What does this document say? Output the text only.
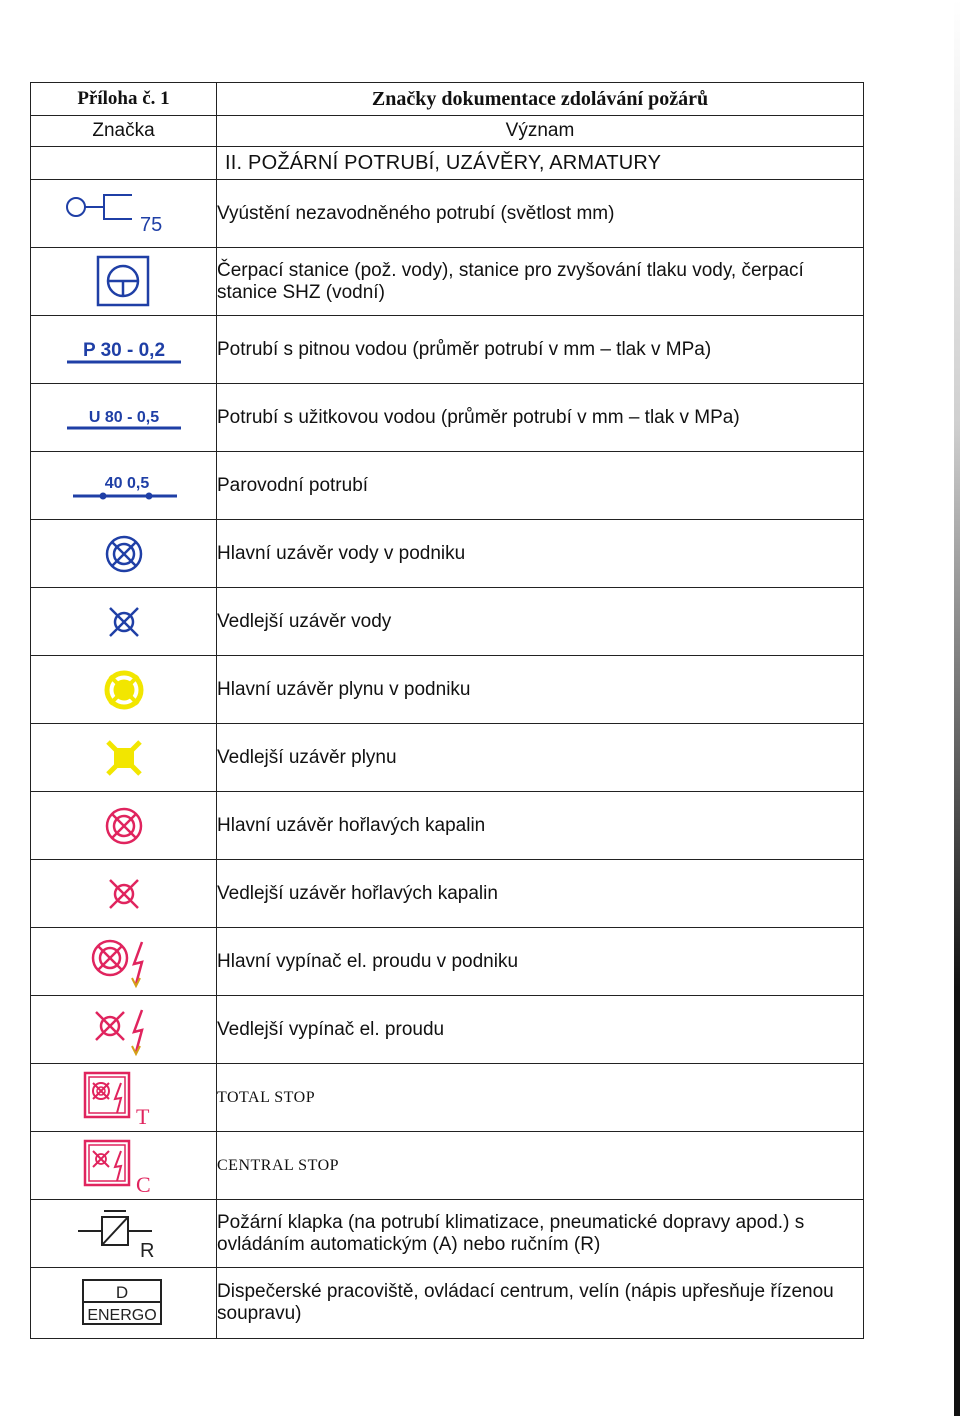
Příloha č. 1	Značky dokumentace zdolávání požárů
Značka	Význam
	II. POŽÁRNÍ POTRUBÍ, UZÁVĚRY, ARMATURY

75	Vyústění nezavodněného potrubí (světlost mm)

	Čerpací stanice (pož. vody), stanice pro zvyšování tlaku vody, čerpací stanice SHZ (vodní)

P 30 - 0,2	Potrubí s pitnou vodou (průměr potrubí v mm – tlak v MPa)

U 80 - 0,5	Potrubí s užitkovou vodou (průměr potrubí v mm – tlak v MPa)

40 0,5	Parovodní potrubí

	Hlavní uzávěr vody v podniku

	Vedlejší uzávěr vody

	Hlavní uzávěr plynu v podniku

	Vedlejší uzávěr plynu

	Hlavní uzávěr hořlavých kapalin

	Vedlejší uzávěr hořlavých kapalin

	Hlavní vypínač el. proudu v podniku

	Vedlejší vypínač el. proudu

T	TOTAL STOP

C	CENTRAL STOP

R	Požární klapka (na potrubí klimatizace, pneumatické dopravy apod.) s ovládáním automatickým (A) nebo ručním (R)

D
ENERGO	Dispečerské pracoviště, ovládací centrum, velín (nápis upřesňuje řízenou soupravu)
